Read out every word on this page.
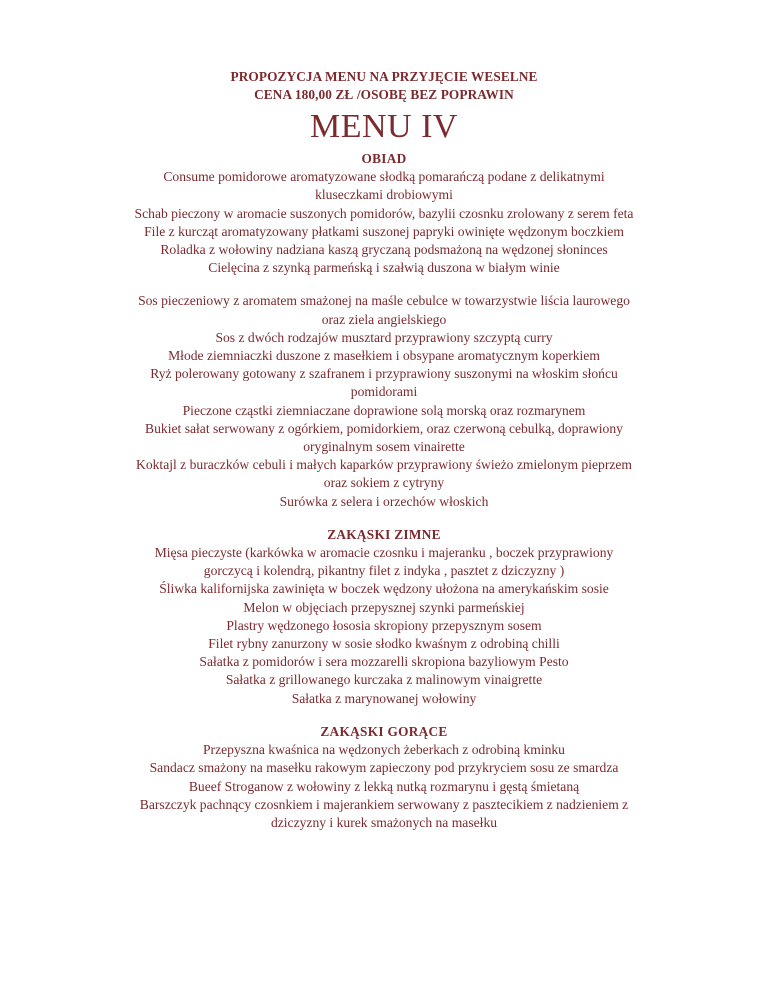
PROPOZYCJA MENU NA PRZYJĘCIE WESELNE
CENA 180,00 ZŁ /OSOBĘ BEZ POPRAWIN
MENU IV
OBIAD
Consume pomidorowe aromatyzowane słodką pomarańczą podane z delikatnymi
kluseczkami drobiowymi
Schab pieczony w aromacie suszonych pomidorów, bazylii czosnku zrolowany z serem feta
File z kurcząt aromatyzowany płatkami suszonej papryki owinięte wędzonym boczkiem
Roladka z wołowiny nadziana kaszą gryczaną podsmażoną na wędzonej słoninces
Cielęcina z szynką parmeńską i szałwią duszona w białym winie
Sos pieczeniowy z aromatem smażonej na maśle cebulce w towarzystwie liścia laurowego
oraz ziela angielskiego
Sos z dwóch rodzajów musztard przyprawiony szczyptą curry
Młode ziemniaczki duszone z masełkiem i obsypane aromatycznym koperkiem
Ryż polerowany gotowany z szafranem i przyprawiony suszonymi na włoskim słońcu
pomidorami
Pieczone cząstki ziemniaczane doprawione solą morską oraz rozmarynem
Bukiet sałat serwowany z ogórkiem, pomidorkiem, oraz czerwoną cebulką, doprawiony
oryginalnym sosem vinairette
Koktajl z buraczków cebuli i małych kaparków przyprawiony świeżo zmielonym pieprzem
oraz sokiem z cytryny
Surówka z selera i orzechów włoskich
ZAKĄSKI ZIMNE
Mięsa pieczyste (karkówka w aromacie czosnku i majeranku , boczek przyprawiony
gorczycą i kolendrą, pikantny filet z indyka , pasztet z dziczyzny )
Śliwka kalifornijska zawinięta w boczek wędzony ułożona na amerykańskim sosie
Melon w objęciach przepysznej szynki parmeńskiej
Plastry wędzonego łososia skropiony przepysznym sosem
Filet rybny zanurzony w sosie słodko kwaśnym z odrobiną chilli
Sałatka z pomidorów i sera mozzarelli skropiona bazyliowym Pesto
Sałatka z grillowanego kurczaka z malinowym vinaigrette
Sałatka z marynowanej wołowiny
ZAKĄSKI GORĄCE
Przepyszna kwaśnica na wędzonych żeberkach z odrobiną kminku
Sandacz smażony na masełku rakowym zapieczony pod przykryciem sosu ze smardza
Bueef Stroganow z wołowiny z lekką nutką rozmarynu i gęstą śmietaną
Barszczyk pachnący czosnkiem i majerankiem serwowany z pasztecikiem z nadzieniem z
dziczyzny i kurek smażonych na masełku
